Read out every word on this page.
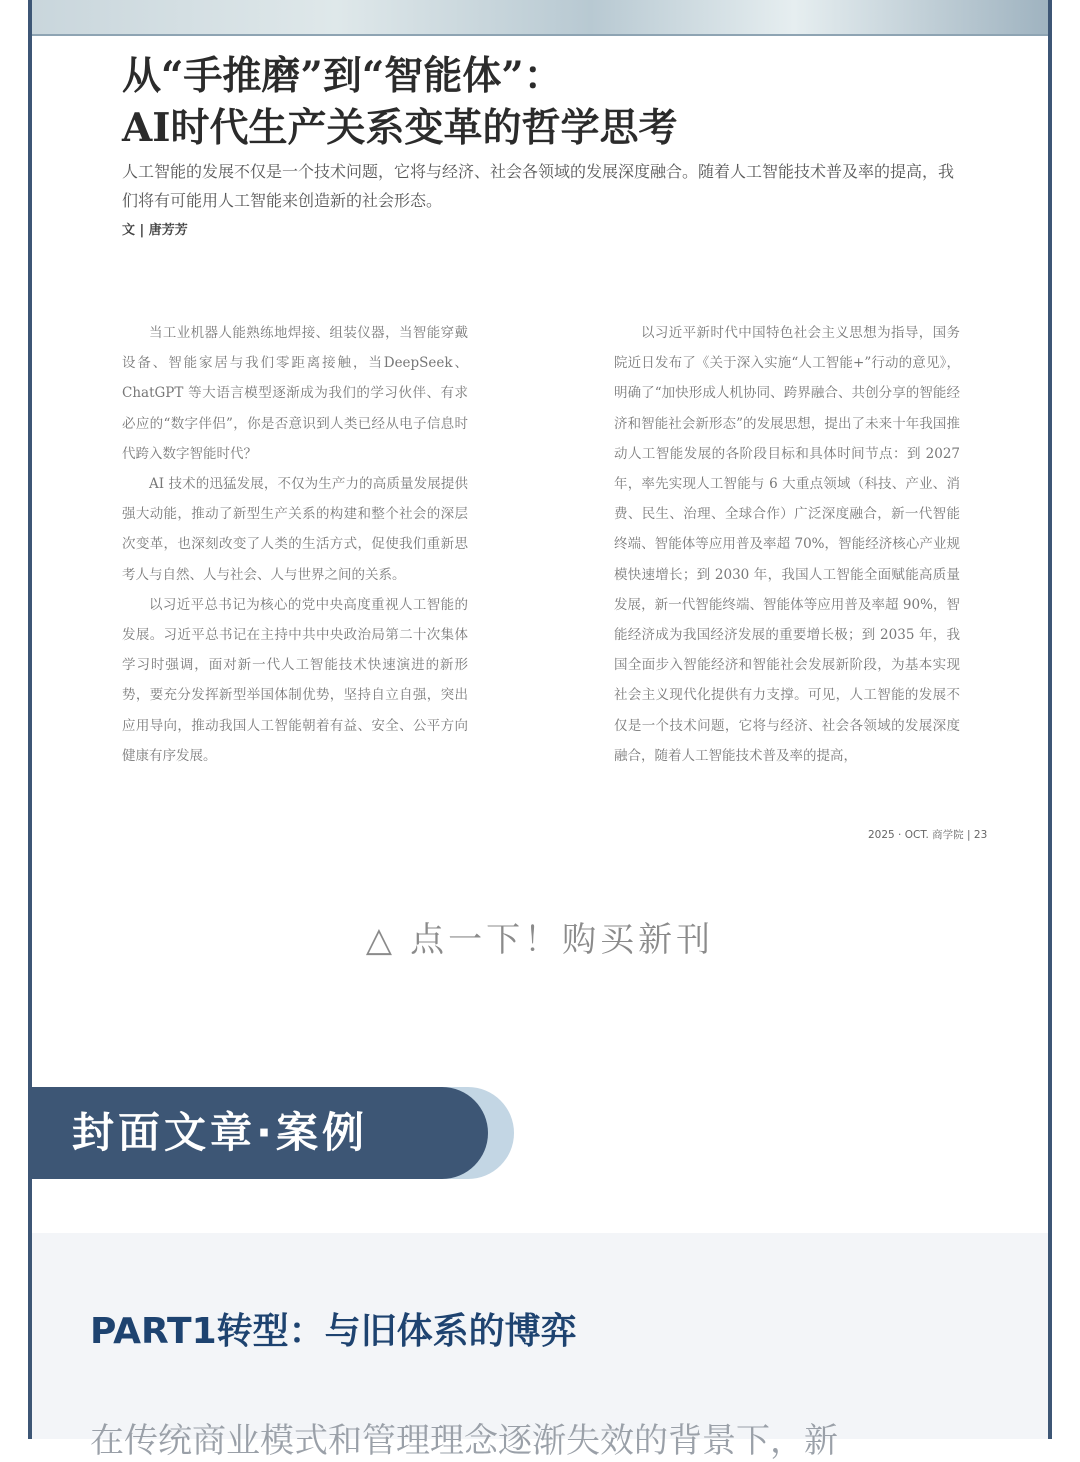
从“手推磨”到“智能体”：
AI时代生产关系变革的哲学思考
人工智能的发展不仅是一个技术问题，它将与经济、社会各领域的发展深度融合。随着人工智能技术普及率的提高，我们将有可能用人工智能来创造新的社会形态。
文 | 唐芳芳

当工业机器人能熟练地焊接、组装仪器，当智能穿戴设备、智能家居与我们零距离接触，当DeepSeek、ChatGPT 等大语言模型逐渐成为我们的学习伙伴、有求必应的“数字伴侣”，你是否意识到人类已经从电子信息时代跨入数字智能时代？

AI 技术的迅猛发展，不仅为生产力的高质量发展提供强大动能，推动了新型生产关系的构建和整个社会的深层次变革，也深刻改变了人类的生活方式，促使我们重新思考人与自然、人与社会、人与世界之间的关系。

以习近平总书记为核心的党中央高度重视人工智能的发展。习近平总书记在主持中共中央政治局第二十次集体学习时强调，面对新一代人工智能技术快速演进的新形势，要充分发挥新型举国体制优势，坚持自立自强，突出应用导向，推动我国人工智能朝着有益、安全、公平方向健康有序发展。

以习近平新时代中国特色社会主义思想为指导，国务院近日发布了《关于深入实施“人工智能+”行动的意见》，明确了“加快形成人机协同、跨界融合、共创分享的智能经济和智能社会新形态”的发展思想，提出了未来十年我国推动人工智能发展的各阶段目标和具体时间节点：到 2027 年，率先实现人工智能与 6 大重点领域（科技、产业、消费、民生、治理、全球合作）广泛深度融合，新一代智能终端、智能体等应用普及率超 70%，智能经济核心产业规模快速增长；到 2030 年，我国人工智能全面赋能高质量发展，新一代智能终端、智能体等应用普及率超 90%，智能经济成为我国经济发展的重要增长极；到 2035 年，我国全面步入智能经济和智能社会发展新阶段，为基本实现社会主义现代化提供有力支撑。可见，人工智能的发展不仅是一个技术问题，它将与经济、社会各领域的发展深度融合，随着人工智能技术普及率的提高，

2025 · OCT. 商学院 | 23
△ 点一下！购买新刊
封面文章·案例
PART1转型：与旧体系的博弈
在传统商业模式和管理理念逐渐失效的背景下，新
